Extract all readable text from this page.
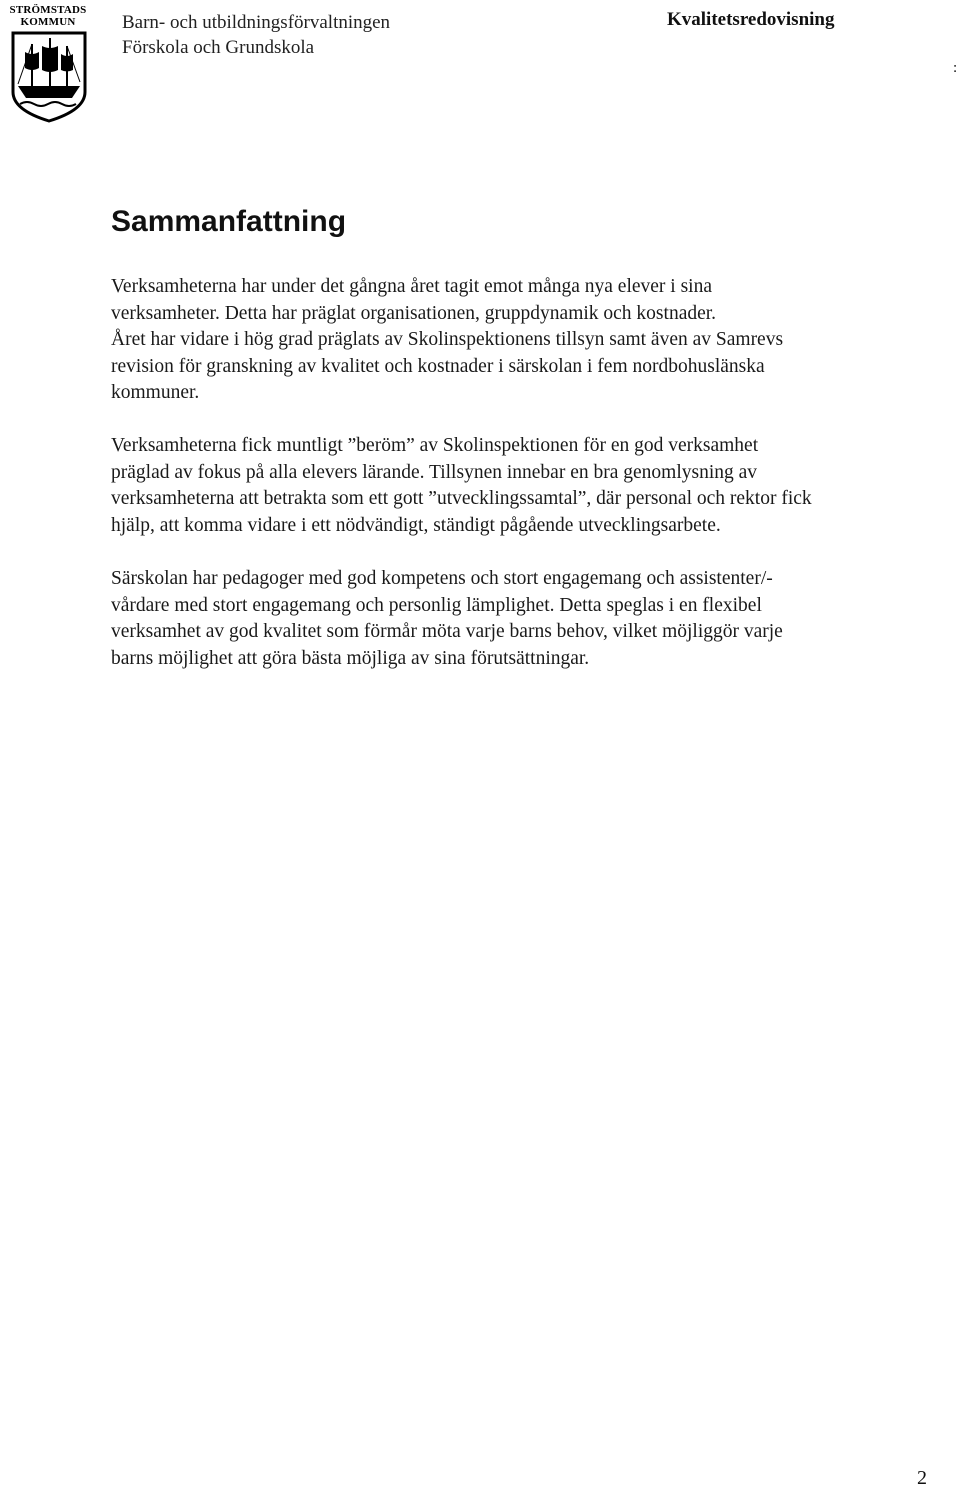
STRÖMSTADS
KOMMUN	Barn- och utbildningsförvaltningen
Förskola och Grundskola
Kvalitetsredovisning
:
Sammanfattning

Verksamheterna har under det gångna året tagit emot många nya elever i sina
verksamheter. Detta har präglat organisationen, gruppdynamik och kostnader.
Året har vidare i hög grad präglats av Skolinspektionens tillsyn samt även av Samrevs
revision för granskning av kvalitet och kostnader i särskolan i fem nordbohuslänska
kommuner.

Verksamheterna fick muntligt ”beröm” av Skolinspektionen för en god verksamhet
präglad av fokus på alla elevers lärande. Tillsynen innebar en bra genomlysning av
verksamheterna att betrakta som ett gott ”utvecklingssamtal”, där personal och rektor fick
hjälp, att komma vidare i ett nödvändigt, ständigt pågående utvecklingsarbete.

Särskolan har pedagoger med god kompetens och stort engagemang och assistenter/-
vårdare med stort engagemang och personlig lämplighet. Detta speglas i en flexibel
verksamhet av god kvalitet som förmår möta varje barns behov, vilket möjliggör varje
barns möjlighet att göra bästa möjliga av sina förutsättningar.

2
